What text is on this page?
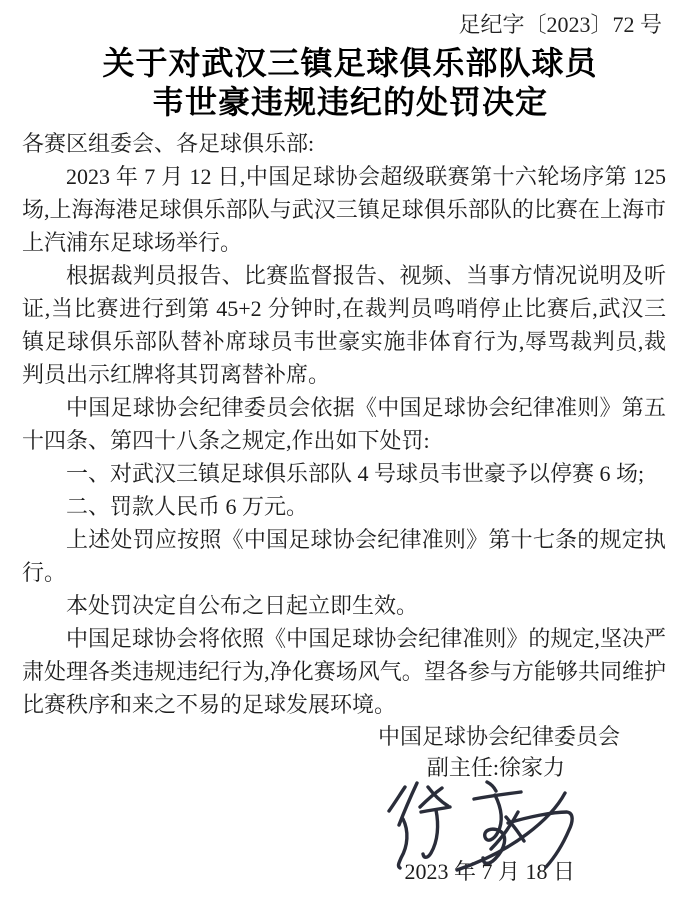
足纪字〔2023〕72 号
关于对武汉三镇足球俱乐部队球员
韦世豪违规违纪的处罚决定
各赛区组委会、各足球俱乐部:

2023 年 7 月 12 日,中国足球协会超级联赛第十六轮场序第 125 场,上海海港足球俱乐部队与武汉三镇足球俱乐部队的比赛在上海市上汽浦东足球场举行。

根据裁判员报告、比赛监督报告、视频、当事方情况说明及听证,当比赛进行到第 45+2 分钟时,在裁判员鸣哨停止比赛后,武汉三镇足球俱乐部队替补席球员韦世豪实施非体育行为,辱骂裁判员,裁判员出示红牌将其罚离替补席。

中国足球协会纪律委员会依据《中国足球协会纪律准则》第五十四条、第四十八条之规定,作出如下处罚:

一、对武汉三镇足球俱乐部队 4 号球员韦世豪予以停赛 6 场;

二、罚款人民币 6 万元。

上述处罚应按照《中国足球协会纪律准则》第十七条的规定执行。

本处罚决定自公布之日起立即生效。

中国足球协会将依照《中国足球协会纪律准则》的规定,坚决严肃处理各类违规违纪行为,净化赛场风气。望各参与方能够共同维护比赛秩序和来之不易的足球发展环境。

中国足球协会纪律委员会
副主任:徐家力
2023 年 7 月 18 日
